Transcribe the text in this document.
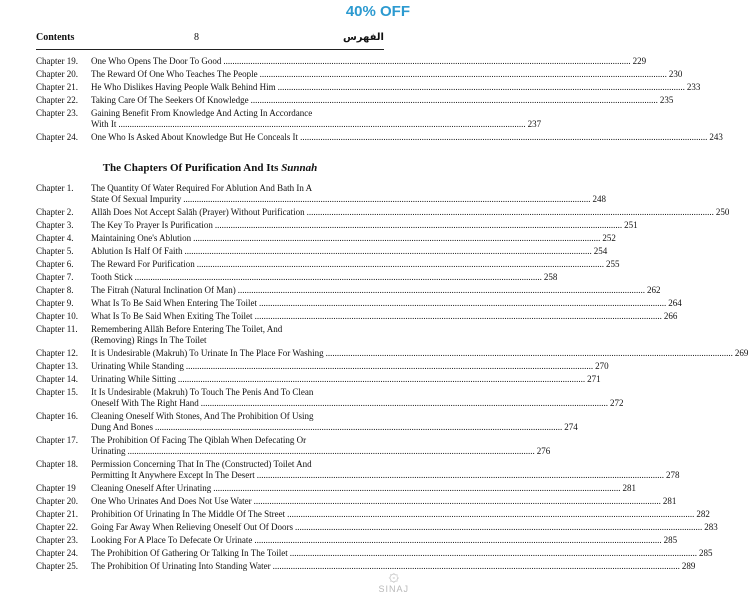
40% OFF
Contents	8	الفهرس
Chapter 19.	One Who Opens The Door To Good .....	229
Chapter 20.	The Reward Of One Who Teaches The People .....	230
Chapter 21.	He Who Dislikes Having People Walk Behind Him .....	233
Chapter 22.	Taking Care Of The Seekers Of Knowledge .....	235
Chapter 23.	Gaining Benefit From Knowledge And Acting In Accordance
With It .....	237
Chapter 24.	One Who Is Asked About Knowledge But He Conceals It .....	243
The Chapters Of Purification And Its Sunnah
Chapter 1.	The Quantity Of Water Required For Ablution And Bath In A
State Of Sexual Impurity .....	248
Chapter 2.	Allāh Does Not Accept Salāh (Prayer) Without Purification .....	250
Chapter 3.	The Key To Prayer Is Purification .....	251
Chapter 4.	Maintaining One's Ablution .....	252
Chapter 5.	Ablution Is Half Of Faith .....	254
Chapter 6.	The Reward For Purification .....	255
Chapter 7.	Tooth Stick .....	258
Chapter 8.	The Fitrah (Natural Inclination Of Man) .....	262
Chapter 9.	What Is To Be Said When Entering The Toilet .....	264
Chapter 10.	What Is To Be Said When Exiting The Toilet .....	266
Chapter 11.	Remembering Allāh Before Entering The Toilet, And
(Removing) Rings In The Toilet
Chapter 12.	It is Undesirable (Makruh) To Urinate In The Place For Washing .....	269
Chapter 13.	Urinating While Standing .....	270
Chapter 14.	Urinating While Sitting .....	271
Chapter 15.	It Is Undesirable (Makruh) To Touch The Penis And To Clean
Oneself With The Right Hand .....	272
Chapter 16.	Cleaning Oneself With Stones, And The Prohibition Of Using
Dung And Bones .....	274
Chapter 17.	The Prohibition Of Facing The Qiblah When Defecating Or
Urinating .....	276
Chapter 18.	Permission Concerning That In The (Constructed) Toilet And
Permitting It Anywhere Except In The Desert .....	278
Chapter 19	Cleaning Oneself After Urinating .....	281
Chapter 20.	One Who Urinates And Does Not Use Water .....	281
Chapter 21.	Prohibition Of Urinating In The Middle Of The Street .....	282
Chapter 22.	Going Far Away When Relieving Oneself Out Of Doors .....	283
Chapter 23.	Looking For A Place To Defecate Or Urinate .....	285
Chapter 24.	The Prohibition Of Gathering Or Talking In The Toilet .....	285
Chapter 25.	The Prohibition Of Urinating Into Standing Water .....	289
۞
SINAJ
